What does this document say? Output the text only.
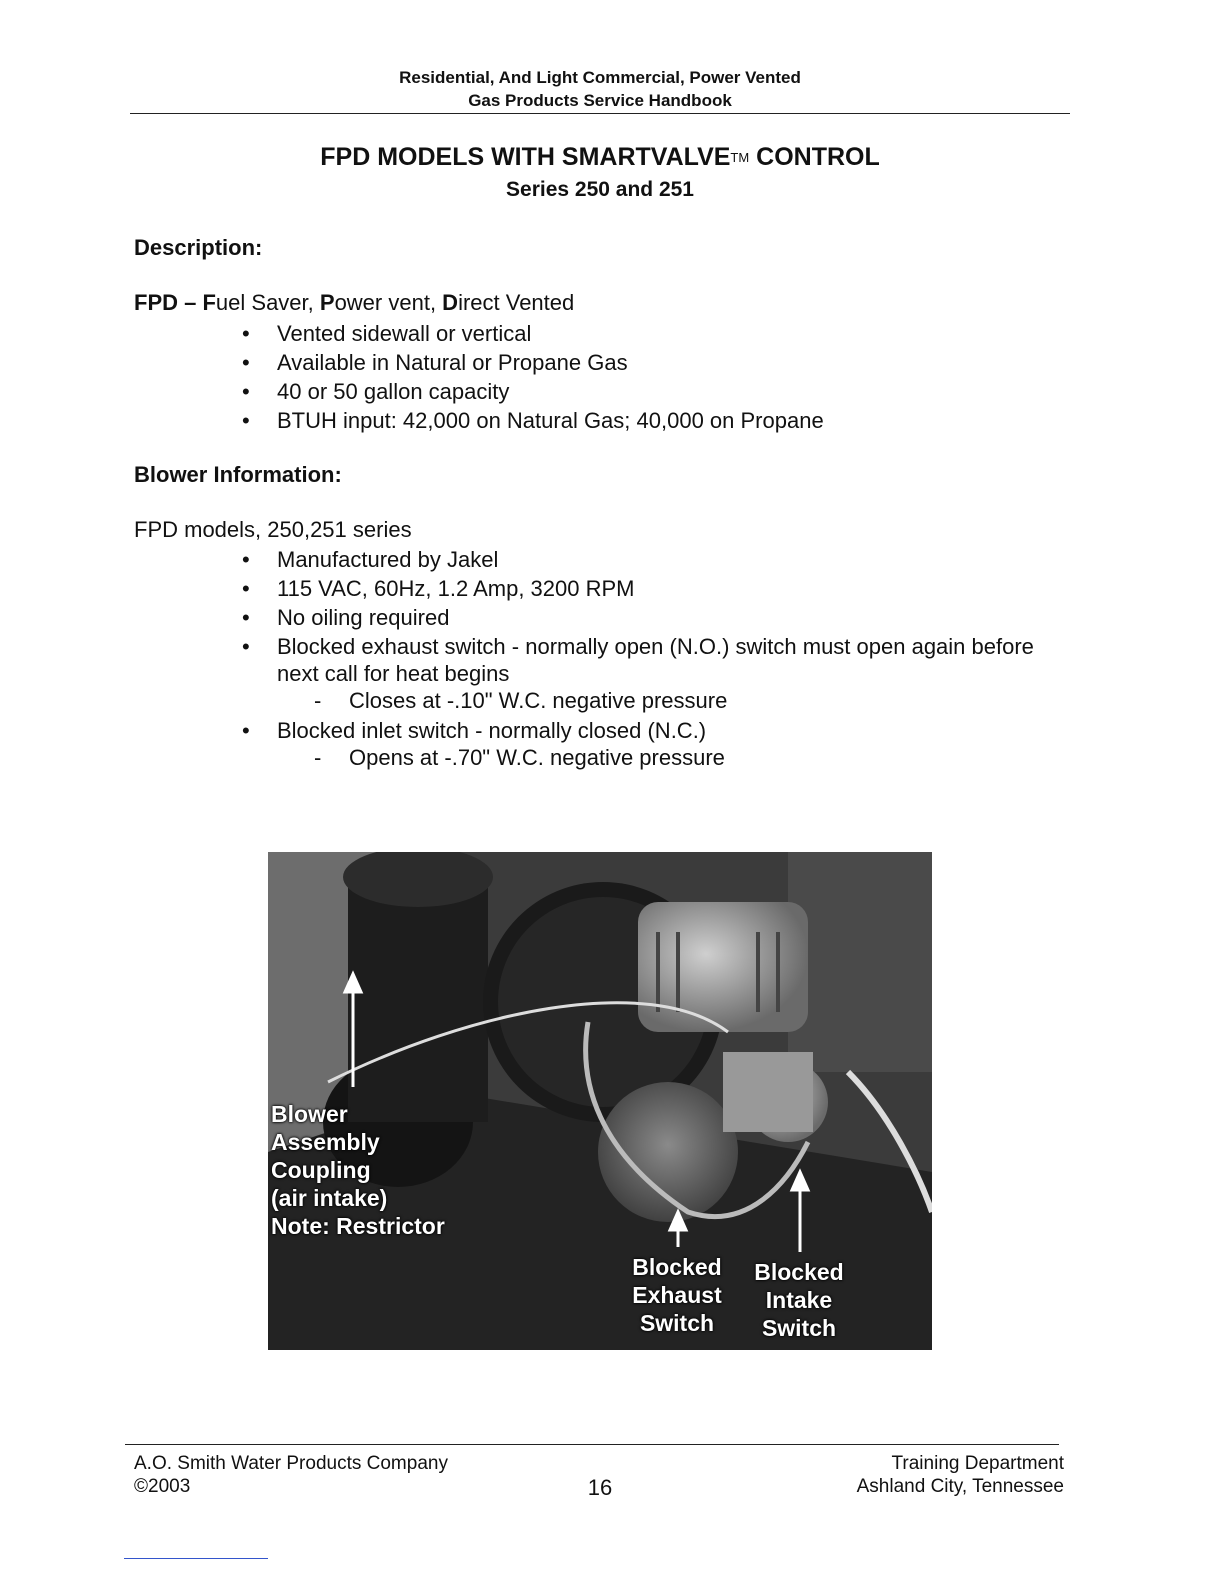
Residential, And Light Commercial, Power Vented
Gas Products Service Handbook
FPD MODELS WITH SMARTVALVE™ CONTROL
Series 250 and 251
Description:
FPD – Fuel Saver, Power vent, Direct Vented
• Vented sidewall or vertical
• Available in Natural or Propane Gas
• 40 or 50 gallon capacity
• BTUH input: 42,000 on Natural Gas; 40,000 on Propane
Blower Information:
FPD models, 250,251 series
• Manufactured by Jakel
• 115 VAC, 60Hz, 1.2 Amp, 3200 RPM
• No oiling required
• Blocked exhaust switch - normally open (N.O.) switch must open again before next call for heat begins
- Closes at -.10" W.C. negative pressure
• Blocked inlet switch - normally closed (N.C.)
- Opens at -.70" W.C. negative pressure
Blower
Assembly
Coupling
(air intake)
Note: Restrictor
Blocked
Exhaust
Switch
Blocked
Intake
Switch
A.O. Smith Water Products Company
©2003	16
Training Department
Ashland City, Tennessee
